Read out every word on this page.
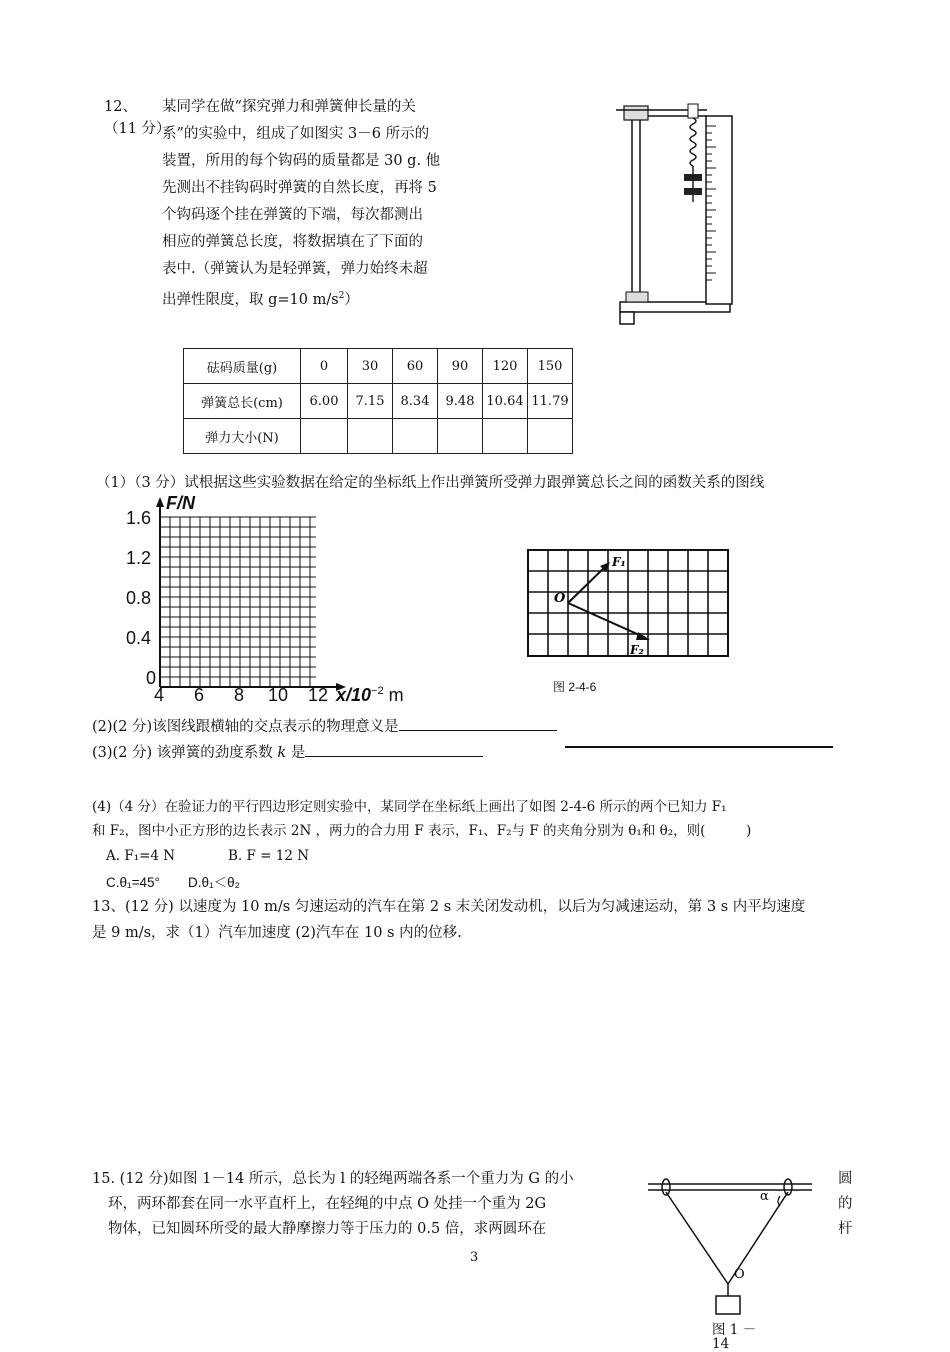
12、
（11 分）
某同学在做“探究弹力和弹簧伸长量的关
系”的实验中，组成了如图实 3－6 所示的
装置，所用的每个钩码的质量都是 30 g. 他
先测出不挂钩码时弹簧的自然长度，再将 5
个钩码逐个挂在弹簧的下端，每次都测出
相应的弹簧总长度，将数据填在了下面的
表中.（弹簧认为是轻弹簧，弹力始终未超
出弹性限度，取 g=10 $m/s^2$）
砝码质量(g)	0	30	60	90	120	150
弹簧总长(cm)	6.00	7.15	8.34	9.48	10.64	11.79
弹力大小(N)						
（1）（3 分）试根据这些实验数据在给定的坐标纸上作出弹簧所受弹力跟弹簧总长之间的函数关系的图线
F/N
1.6
1.2
0.8
0.4
0
4 6 8 10 12 $x/10^{-2}$ m
O
F₁
F₂
图 2-4-6
(2)(2 分)该图线跟横轴的交点表示的物理意义是
(3)(2 分) 该弹簧的劲度系数 k 是
(4)（4 分）在验证力的平行四边形定则实验中，某同学在坐标纸上画出了如图 2-4-6 所示的两个已知力 F₁
和 F₂，图中小正方形的边长表示 2N ，两力的合力用 F 表示，F₁、F₂与 F 的夹角分别为 θ₁和 θ₂，则(　　　)
A. F₁=4 N	B. F = 12 N
C.θ₁=45° D.θ₁＜θ₂
13、(12 分) 以速度为 10 m/s 匀速运动的汽车在第 2 s 末关闭发动机，以后为匀减速运动，第 3 s 内平均速度
是 9 m/s，求（1）汽车加速度 (2)汽车在 10 s 内的位移.
15. (12 分)如图 1－14 所示，总长为 l 的轻绳两端各系一个重力为 G 的小
环，两环都套在同一水平直杆上，在轻绳的中点 O 处挂一个重为 2G
物体，已知圆环所受的最大静摩擦力等于压力的 0.5 倍，求两圆环在
圆
的
杆
α
O
图 1 －
14
3
